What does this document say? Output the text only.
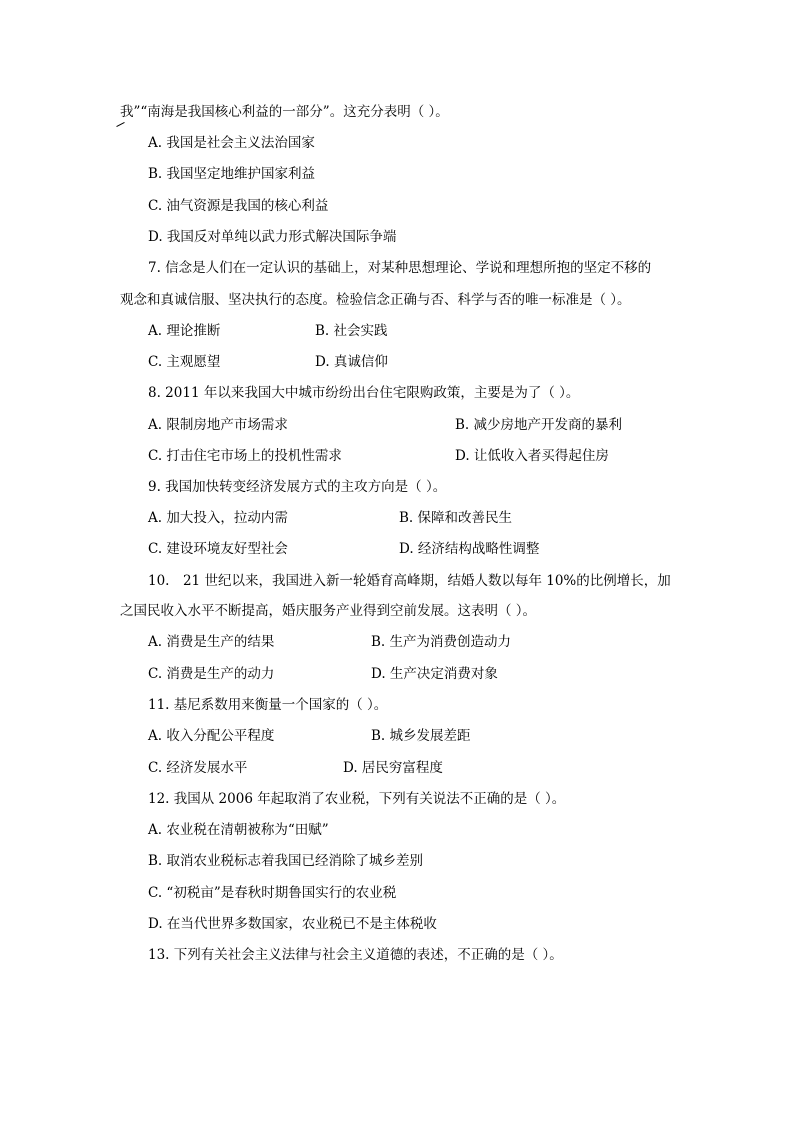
我”“南海是我国核心利益的一部分”。这充分表明（ ）。
A. 我国是社会主义法治国家
B. 我国坚定地维护国家利益
C. 油气资源是我国的核心利益
D. 我国反对单纯以武力形式解决国际争端
7. 信念是人们在一定认识的基础上，对某种思想理论、学说和理想所抱的坚定不移的
观念和真诚信服、坚决执行的态度。检验信念正确与否、科学与否的唯一标准是（ ）。
A. 理论推断	B. 社会实践
C. 主观愿望	D. 真诚信仰
8. 2011 年以来我国大中城市纷纷出台住宅限购政策，主要是为了（ ）。
A. 限制房地产市场需求	B. 减少房地产开发商的暴利
C. 打击住宅市场上的投机性需求	D. 让低收入者买得起住房
9. 我国加快转变经济发展方式的主攻方向是（ ）。
A. 加大投入，拉动内需	B. 保障和改善民生
C. 建设环境友好型社会	D. 经济结构战略性调整
10.　21 世纪以来，我国进入新一轮婚育高峰期，结婚人数以每年 10%的比例增长，加
之国民收入水平不断提高，婚庆服务产业得到空前发展。这表明（ ）。
A. 消费是生产的结果	B. 生产为消费创造动力
C. 消费是生产的动力	D. 生产决定消费对象
11. 基尼系数用来衡量一个国家的（ ）。
A. 收入分配公平程度	B. 城乡发展差距
C. 经济发展水平	D. 居民穷富程度
12. 我国从 2006 年起取消了农业税，下列有关说法不正确的是（ ）。
A. 农业税在清朝被称为“田赋”
B. 取消农业税标志着我国已经消除了城乡差别
C. “初税亩”是春秋时期鲁国实行的农业税
D. 在当代世界多数国家，农业税已不是主体税收
13. 下列有关社会主义法律与社会主义道德的表述，不正确的是（ ）。
